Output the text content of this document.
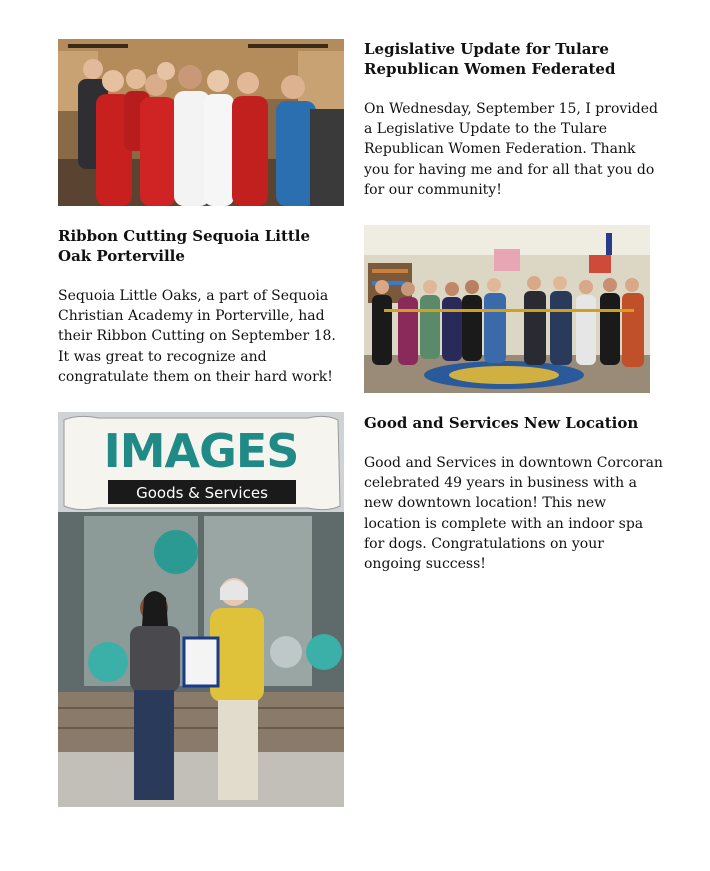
Legislative Update for Tulare Republican Women Federated

On Wednesday, September 15, I provided a Legislative Update to the Tulare Republican Women Federation. Thank you for having me and for all that you do for our community!

Ribbon Cutting Sequoia Little Oak Porterville

Sequoia Little Oaks, a part of Sequoia Christian Academy in Porterville, had their Ribbon Cutting on September 18. It was great to recognize and congratulate them on their hard work!

Good and Services New Location

Good and Services in downtown Corcoran celebrated 49 years in business with a new downtown location! This new location is complete with an indoor spa for dogs. Congratulations on your ongoing success!

IMAGES
Goods & Services
